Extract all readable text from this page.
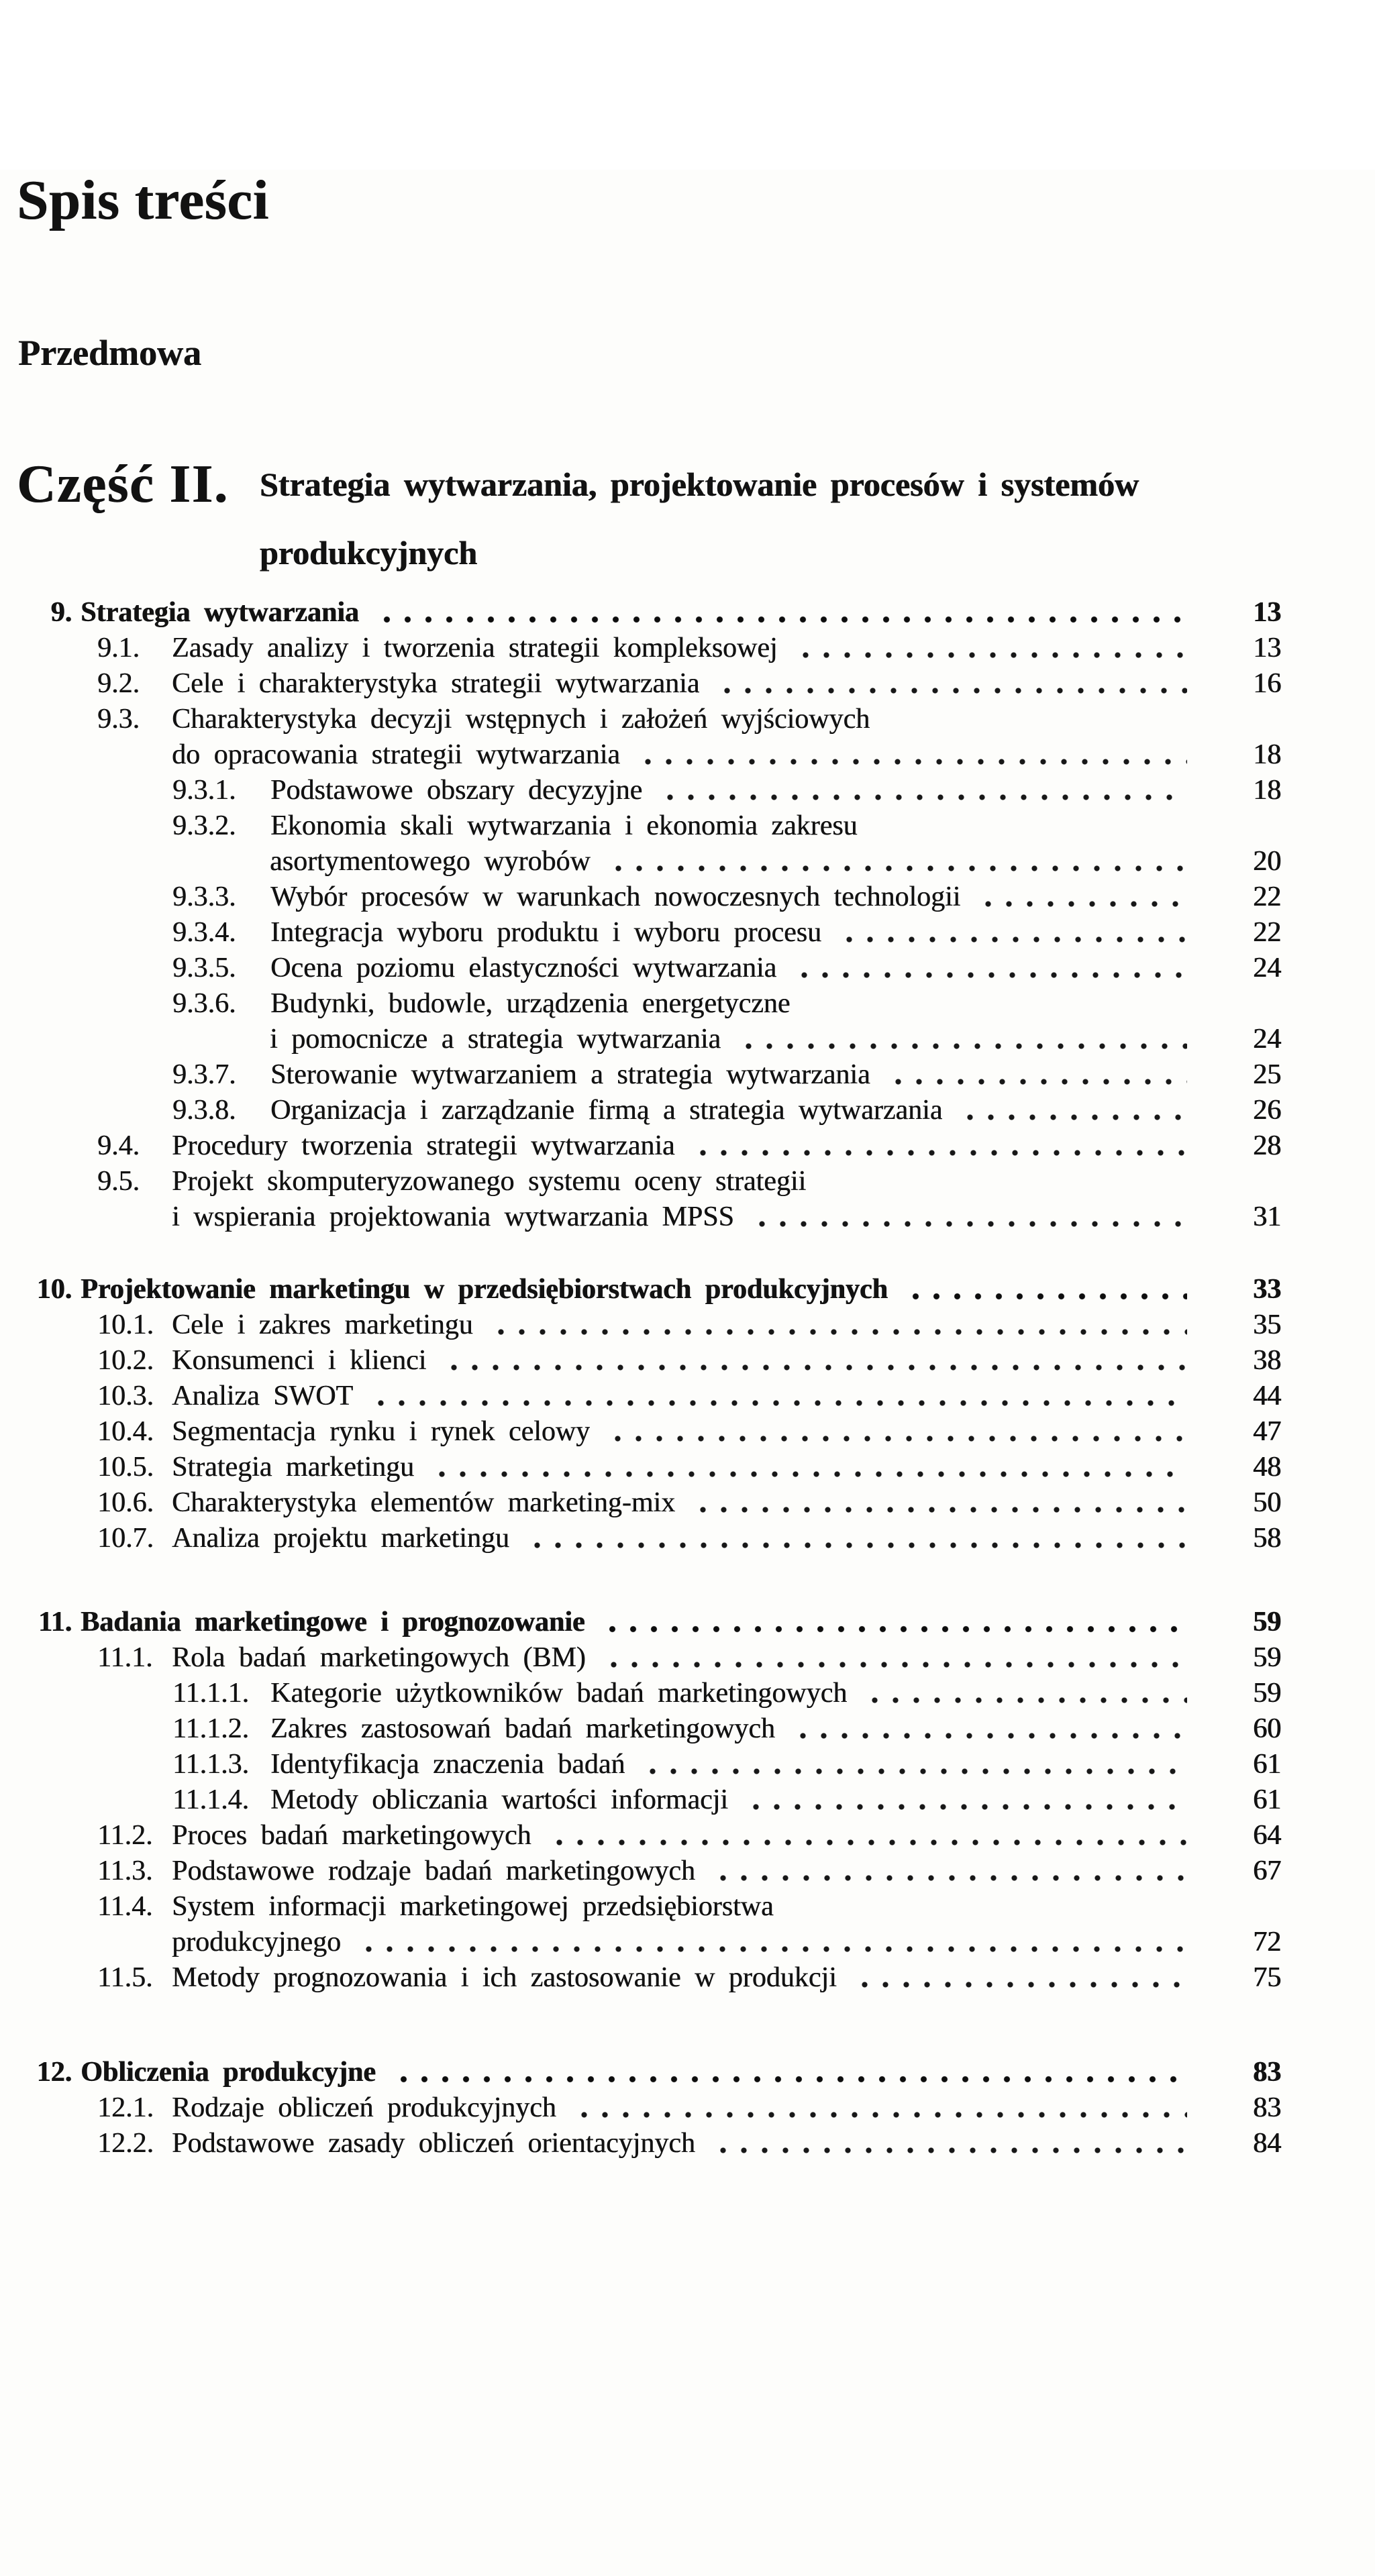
Spis treści
Przedmowa
Część II. Strategia wytwarzania, projektowanie procesów i systemów produkcyjnych
9. Strategia wytwarzania	13
9.1.	Zasady analizy i tworzenia strategii kompleksowej	13
9.2.	Cele i charakterystyka strategii wytwarzania	16
9.3.	Charakterystyka decyzji wstępnych i założeń wyjściowych
do opracowania strategii wytwarzania	18
9.3.1.	Podstawowe obszary decyzyjne	18
9.3.2.	Ekonomia skali wytwarzania i ekonomia zakresu
asortymentowego wyrobów	20
9.3.3.	Wybór procesów w warunkach nowoczesnych technologii	22
9.3.4.	Integracja wyboru produktu i wyboru procesu	22
9.3.5.	Ocena poziomu elastyczności wytwarzania	24
9.3.6.	Budynki, budowle, urządzenia energetyczne
i pomocnicze a strategia wytwarzania	24
9.3.7.	Sterowanie wytwarzaniem a strategia wytwarzania	25
9.3.8.	Organizacja i zarządzanie firmą a strategia wytwarzania	26
9.4.	Procedury tworzenia strategii wytwarzania	28
9.5.	Projekt skomputeryzowanego systemu oceny strategii
i wspierania projektowania wytwarzania MPSS	31
10. Projektowanie marketingu w przedsiębiorstwach produkcyjnych	33
10.1. Cele i zakres marketingu	35
10.2. Konsumenci i klienci	38
10.3. Analiza SWOT	44
10.4. Segmentacja rynku i rynek celowy	47
10.5. Strategia marketingu	48
10.6. Charakterystyka elementów marketing-mix	50
10.7. Analiza projektu marketingu	58
11. Badania marketingowe i prognozowanie	59
11.1. Rola badań marketingowych (BM)	59
11.1.1. Kategorie użytkowników badań marketingowych	59
11.1.2. Zakres zastosowań badań marketingowych	60
11.1.3. Identyfikacja znaczenia badań	61
11.1.4. Metody obliczania wartości informacji	61
11.2. Proces badań marketingowych	64
11.3. Podstawowe rodzaje badań marketingowych	67
11.4. System informacji marketingowej przedsiębiorstwa
produkcyjnego	72
11.5. Metody prognozowania i ich zastosowanie w produkcji	75
12. Obliczenia produkcyjne	83
12.1. Rodzaje obliczeń produkcyjnych	83
12.2. Podstawowe zasady obliczeń orientacyjnych	84
